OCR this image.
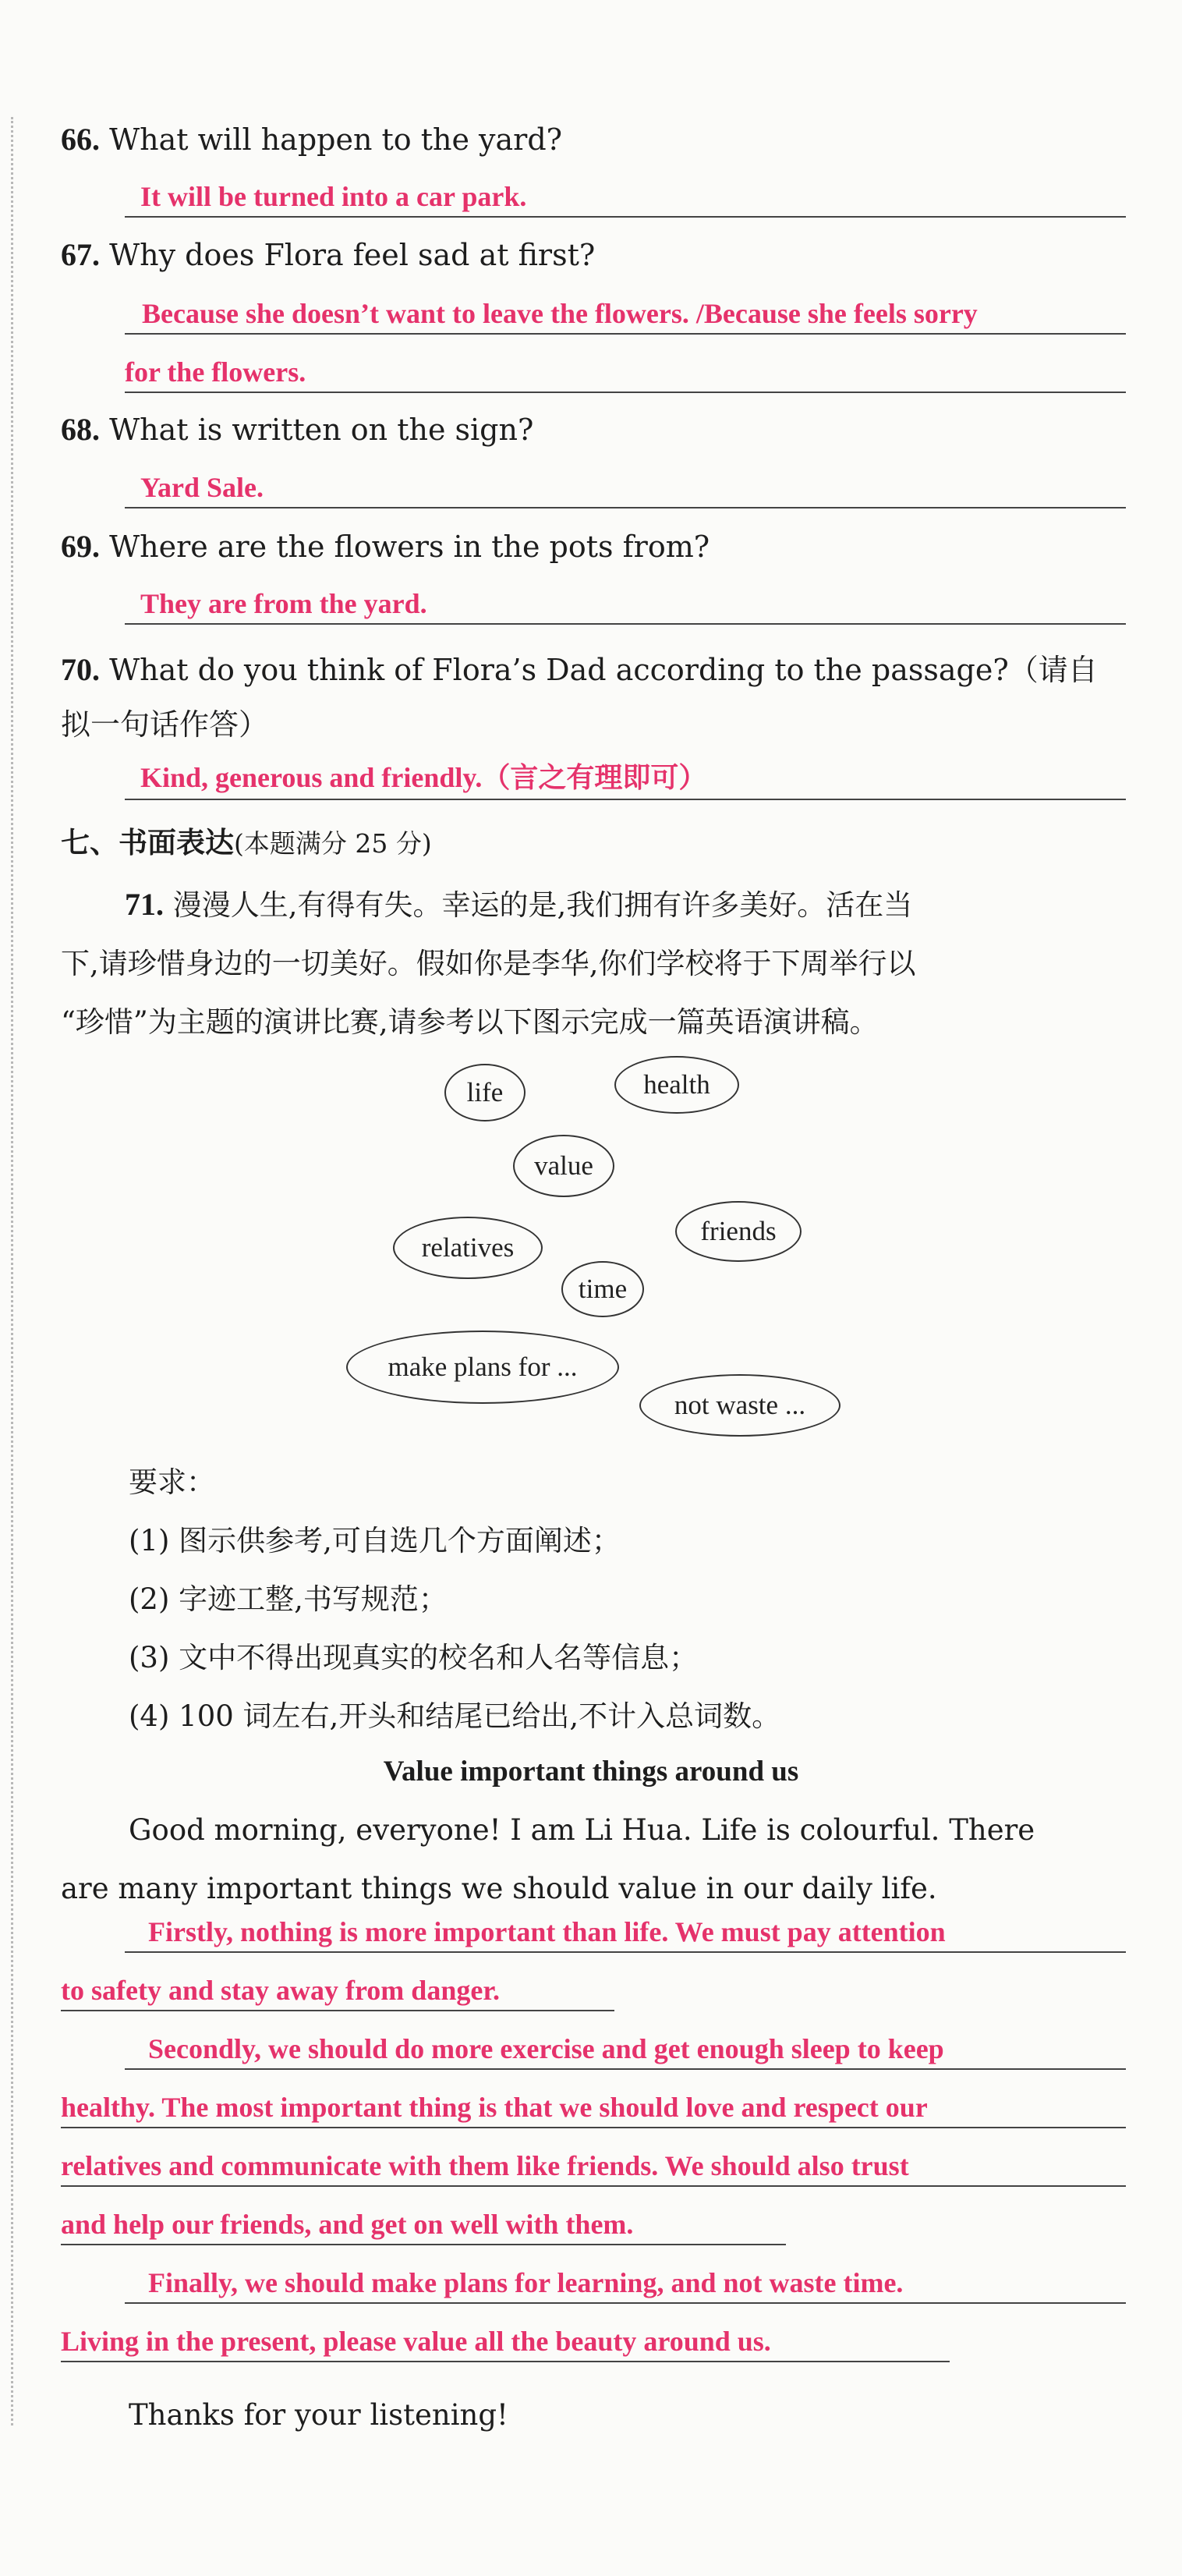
66. What will happen to the yard?
It will be turned into a car park.
67. Why does Flora feel sad at first?
Because she doesn’t want to leave the flowers. /Because she feels sorry
for the flowers.
68. What is written on the sign?
Yard Sale.
69. Where are the flowers in the pots from?
They are from the yard.
70. What do you think of Flora’s Dad according to the passage?（请自
拟一句话作答）
Kind, generous and friendly.（言之有理即可）
七、书面表达(本题满分 25 分)
71. 漫漫人生,有得有失。幸运的是,我们拥有许多美好。活在当
下,请珍惜身边的一切美好。假如你是李华,你们学校将于下周举行以
“珍惜”为主题的演讲比赛,请参考以下图示完成一篇英语演讲稿。
life	health
value
relatives
friends
time
make plans for ...
not waste ...
要求：
(1) 图示供参考,可自选几个方面阐述；
(2) 字迹工整,书写规范；
(3) 文中不得出现真实的校名和人名等信息；
(4) 100 词左右,开头和结尾已给出,不计入总词数。
Value important things around us
Good morning, everyone! I am Li Hua. Life is colourful. There
are many important things we should value in our daily life.
Firstly, nothing is more important than life. We must pay attention
to safety and stay away from danger.
Secondly, we should do more exercise and get enough sleep to keep
healthy. The most important thing is that we should love and respect our
relatives and communicate with them like friends. We should also trust
and help our friends, and get on well with them.
Finally, we should make plans for learning, and not waste time.
Living in the present, please value all the beauty around us.
Thanks for your listening!
